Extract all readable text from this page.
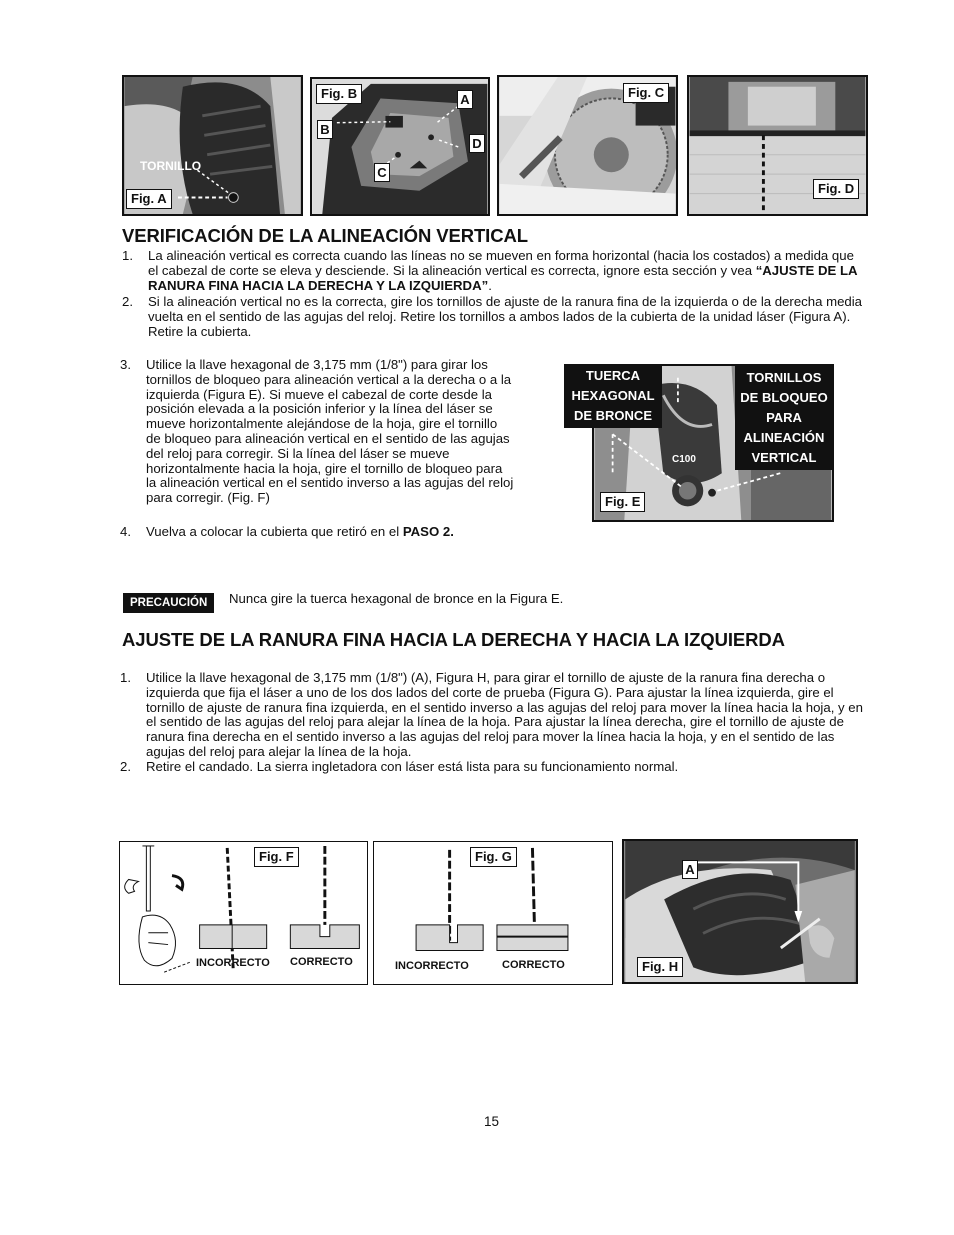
TORNILLO
Fig. A
Fig. B	A
B
C
D
Fig. C
Fig. D
VERIFICACIÓN DE LA ALINEACIÓN VERTICAL
1.	La alineación vertical es correcta cuando las líneas no se mueven en forma horizontal (hacia los costados) a medida que el cabezal de corte se eleva y desciende. Si la alineación vertical es correcta, ignore esta sección y vea “AJUSTE DE LA RANURA FINA HACIA LA DERECHA Y LA IZQUIERDA”.
2.	Si la alineación vertical no es la correcta, gire los tornillos de ajuste de la ranura fina de la izquierda o de la derecha media vuelta en el sentido de las agujas del reloj. Retire los tornillos a ambos lados de la cubierta de la unidad láser (Figura A). Retire la cubierta.
3.	Utilice la llave hexagonal de 3,175 mm (1/8") para girar los tornillos de bloqueo para alineación vertical a la derecha o a la izquierda (Figura E). Si mueve el cabezal de corte desde la posición elevada a la posición inferior y la línea del láser se mueve horizontalmente alejándose de la hoja, gire el tornillo de bloqueo para alineación vertical en el sentido de las agujas del reloj para corregir. Si la línea del láser se mueve horizontalmente hacia la hoja, gire el tornillo de bloqueo para la alineación vertical en el sentido inverso a las agujas del reloj para corregir. (Fig. F)
4.	Vuelva a colocar la cubierta que retiró en el PASO 2.
C100
Fig. E
TUERCA HEXAGONAL DE BRONCE
TORNILLOS DE BLOQUEO PARA ALINEACIÓN VERTICAL
PRECAUCIÓN	Nunca gire la tuerca hexagonal de bronce en la Figura E.
AJUSTE DE LA RANURA FINA HACIA LA DERECHA Y HACIA LA IZQUIERDA
1.	Utilice la llave hexagonal de 3,175 mm (1/8") (A), Figura H, para girar el tornillo de ajuste de la ranura fina derecha o izquierda que fija el láser a uno de los dos lados del corte de prueba (Figura G). Para ajustar la línea izquierda, gire el tornillo de ajuste de ranura fina izquierda, en el sentido inverso a las agujas del reloj para mover la línea hacia la hoja, y en el sentido de las agujas del reloj para alejar la línea de la hoja. Para ajustar la línea derecha, gire el tornillo de ajuste de ranura fina derecha en el sentido inverso a las agujas del reloj para mover la línea hacia la hoja, y en el sentido de las agujas del reloj para alejar la línea de la hoja.
2.	Retire el candado. La sierra ingletadora con láser está lista para su funcionamiento normal.
Fig. F
INCORRECTO CORRECTO
Fig. G
INCORRECTO	CORRECTO
A
Fig. H
15
